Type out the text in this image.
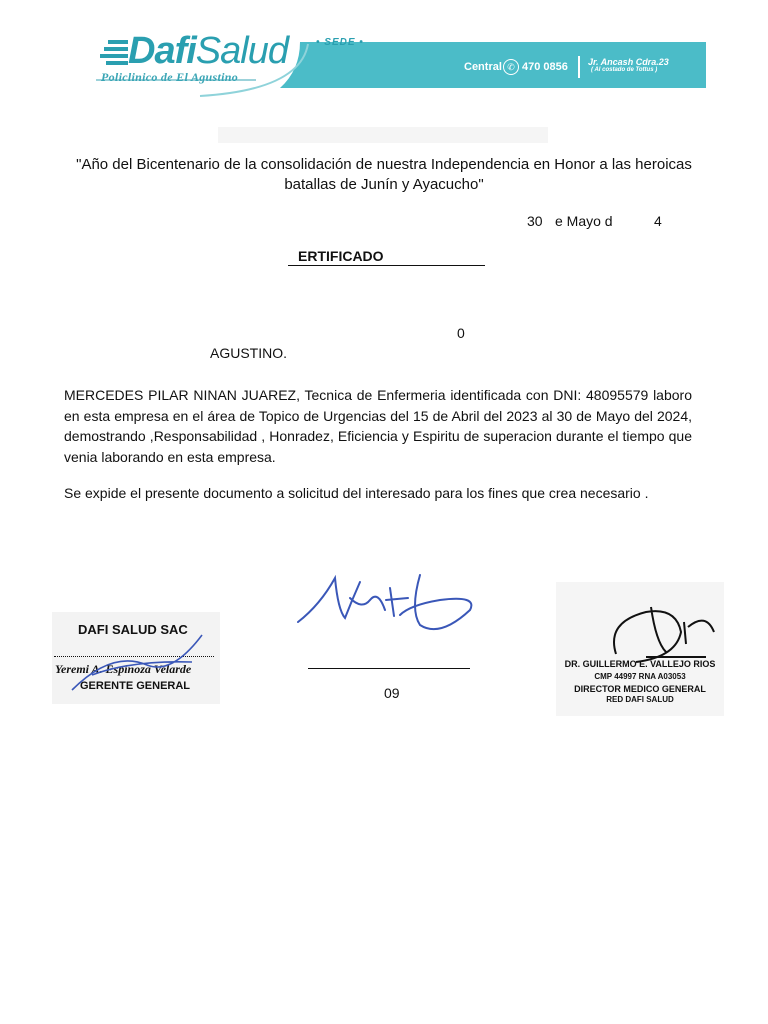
DafiSalud
Policlinico de El Agustino
• SEDE •
Central ✆ 470 0856 Jr. Ancash Cdra.23
( Al costado de Tottus )
"Año del Bicentenario de la consolidación de nuestra Independencia en Honor a las heroicas batallas de Junín y Ayacucho"
30 e Mayo d	4
ERTIFICADO
0
AGUSTINO.
MERCEDES PILAR NINAN JUAREZ, Tecnica de Enfermeria identificada con DNI: 48095579 laboro en esta empresa en el área de Topico de Urgencias del 15 de Abril del 2023 al 30 de Mayo del 2024, demostrando ,Responsabilidad , Honradez, Eficiencia y Espiritu de superacion durante el tiempo que venia laborando en esta empresa.
Se expide el presente documento a solicitud del interesado para los fines que crea necesario .
DAFI SALUD SAC
Yeremi A. Espinoza Velarde
GERENTE GENERAL	09
DR. GUILLERMO E. VALLEJO RIOS
CMP 44997 RNA A03053
DIRECTOR MEDICO GENERAL
RED DAFI SALUD
